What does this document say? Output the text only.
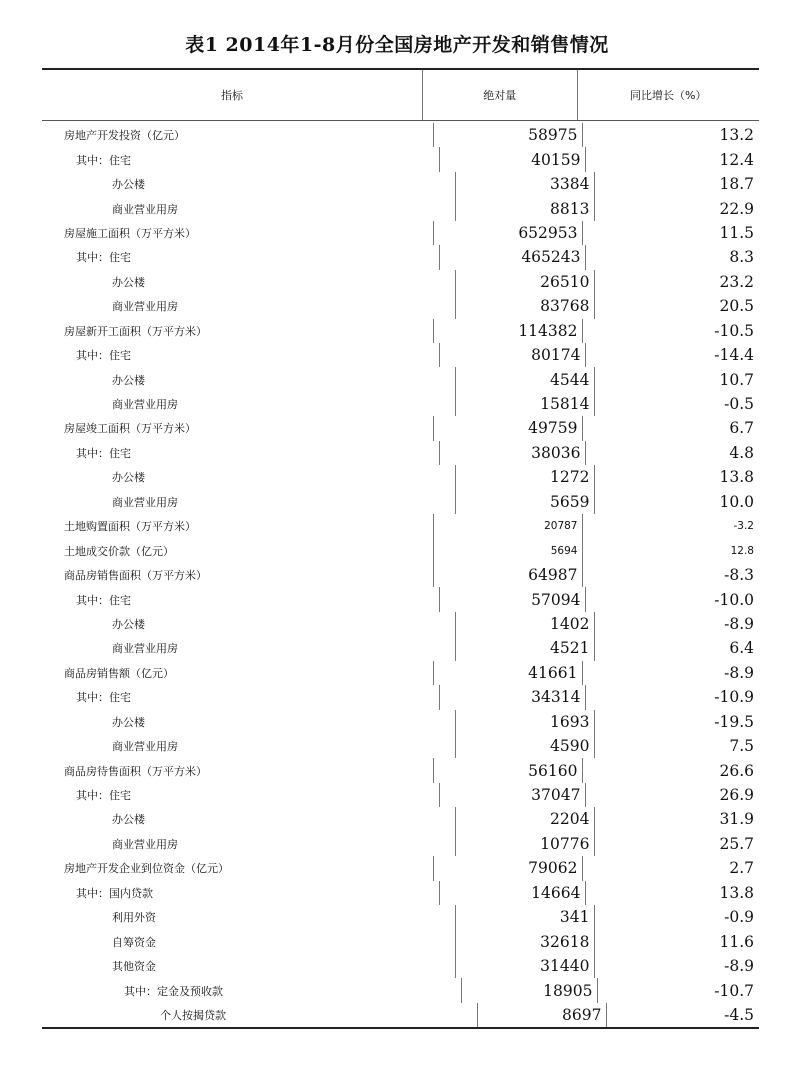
表1 2014年1-8月份全国房地产开发和销售情况
指标	绝对量	同比增长（%）
房地产开发投资（亿元）	58975	13.2
其中：住宅	40159	12.4
办公楼	3384	18.7
商业营业用房	8813	22.9
房屋施工面积（万平方米）	652953	11.5
其中：住宅	465243	8.3
办公楼	26510	23.2
商业营业用房	83768	20.5
房屋新开工面积（万平方米）	114382	-10.5
其中：住宅	80174	-14.4
办公楼	4544	10.7
商业营业用房	15814	-0.5
房屋竣工面积（万平方米）	49759	6.7
其中：住宅	38036	4.8
办公楼	1272	13.8
商业营业用房	5659	10.0
土地购置面积（万平方米）	20787	-3.2
土地成交价款（亿元）	5694	12.8
商品房销售面积（万平方米）	64987	-8.3
其中：住宅	57094	-10.0
办公楼	1402	-8.9
商业营业用房	4521	6.4
商品房销售额（亿元）	41661	-8.9
其中：住宅	34314	-10.9
办公楼	1693	-19.5
商业营业用房	4590	7.5
商品房待售面积（万平方米）	56160	26.6
其中：住宅	37047	26.9
办公楼	2204	31.9
商业营业用房	10776	25.7
房地产开发企业到位资金（亿元）	79062	2.7
其中：国内贷款	14664	13.8
利用外资	341	-0.9
自筹资金	32618	11.6
其他资金	31440	-8.9
其中：定金及预收款	18905	-10.7
个人按揭贷款	8697	-4.5
